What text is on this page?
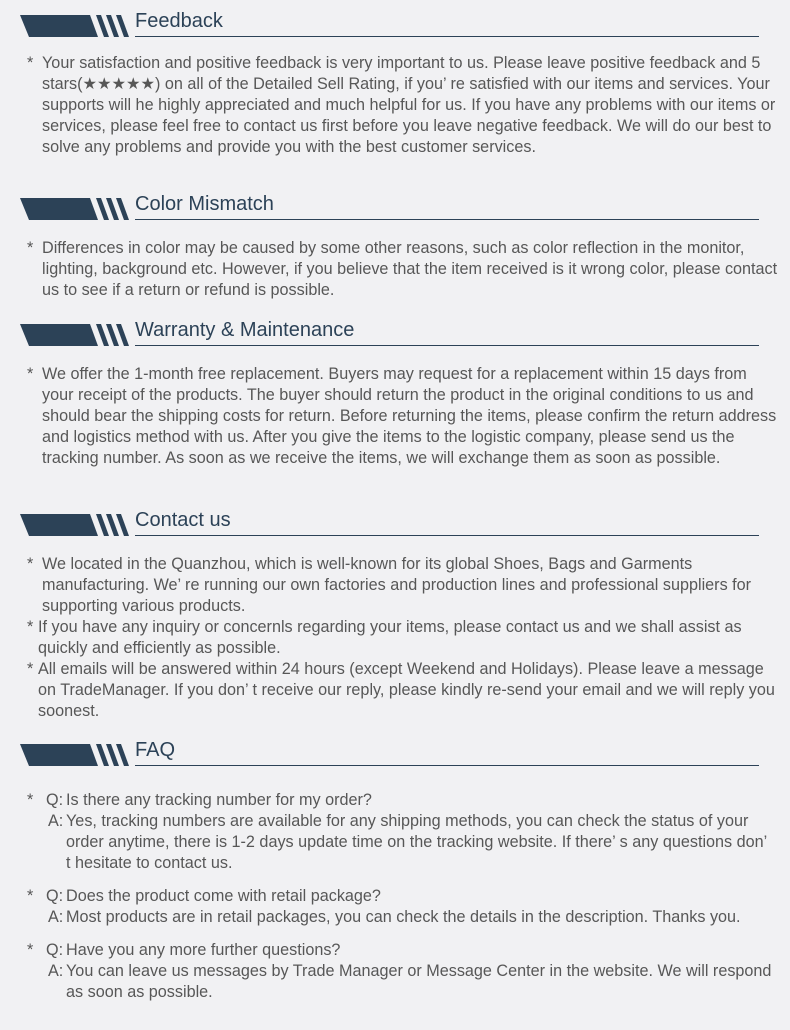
Feedback
* Your satisfaction and positive feedback is very important to us. Please leave positive feedback and 5 stars(★★★★★) on all of the Detailed Sell Rating, if you’ re satisfied with our items and services. Your supports will he highly appreciated and much helpful for us. If you have any problems with our items or services, please feel free to contact us first before you leave negative feedback. We will do our best to solve any problems and provide you with the best customer services.
Color Mismatch
* Differences in color may be caused by some other reasons, such as color reflection in the monitor, lighting, background etc. However, if you believe that the item received is it wrong color, please contact us to see if a return or refund is possible.
Warranty & Maintenance
* We offer the 1-month free replacement. Buyers may request for a replacement within 15 days from your receipt of the products. The buyer should return the product in the original conditions to us and should bear the shipping costs for return. Before returning the items, please confirm the return address and logistics method with us. After you give the items to the logistic company, please send us the tracking number. As soon as we receive the items, we will exchange them as soon as possible.
Contact us
* We located in the Quanzhou, which is well-known for its global Shoes, Bags and Garments manufacturing. We’ re running our own factories and production lines and professional suppliers for supporting various products.
* If you have any inquiry or concernls regarding your items, please contact us and we shall assist as quickly and efficiently as possible.
* All emails will be answered within 24 hours (except Weekend and Holidays). Please leave a message on TradeManager. If you don’ t receive our reply, please kindly re-send your email and we will reply you soonest.
FAQ
* Q: Is there any tracking number for my order?
A: Yes, tracking numbers are available for any shipping methods, you can check the status of your order anytime, there is 1-2 days update time on the tracking website. If there’ s any questions don’ t hesitate to contact us.
* Q: Does the product come with retail package?
A: Most products are in retail packages, you can check the details in the description. Thanks you.
* Q: Have you any more further questions?
A: You can leave us messages by Trade Manager or Message Center in the website. We will respond as soon as possible.
